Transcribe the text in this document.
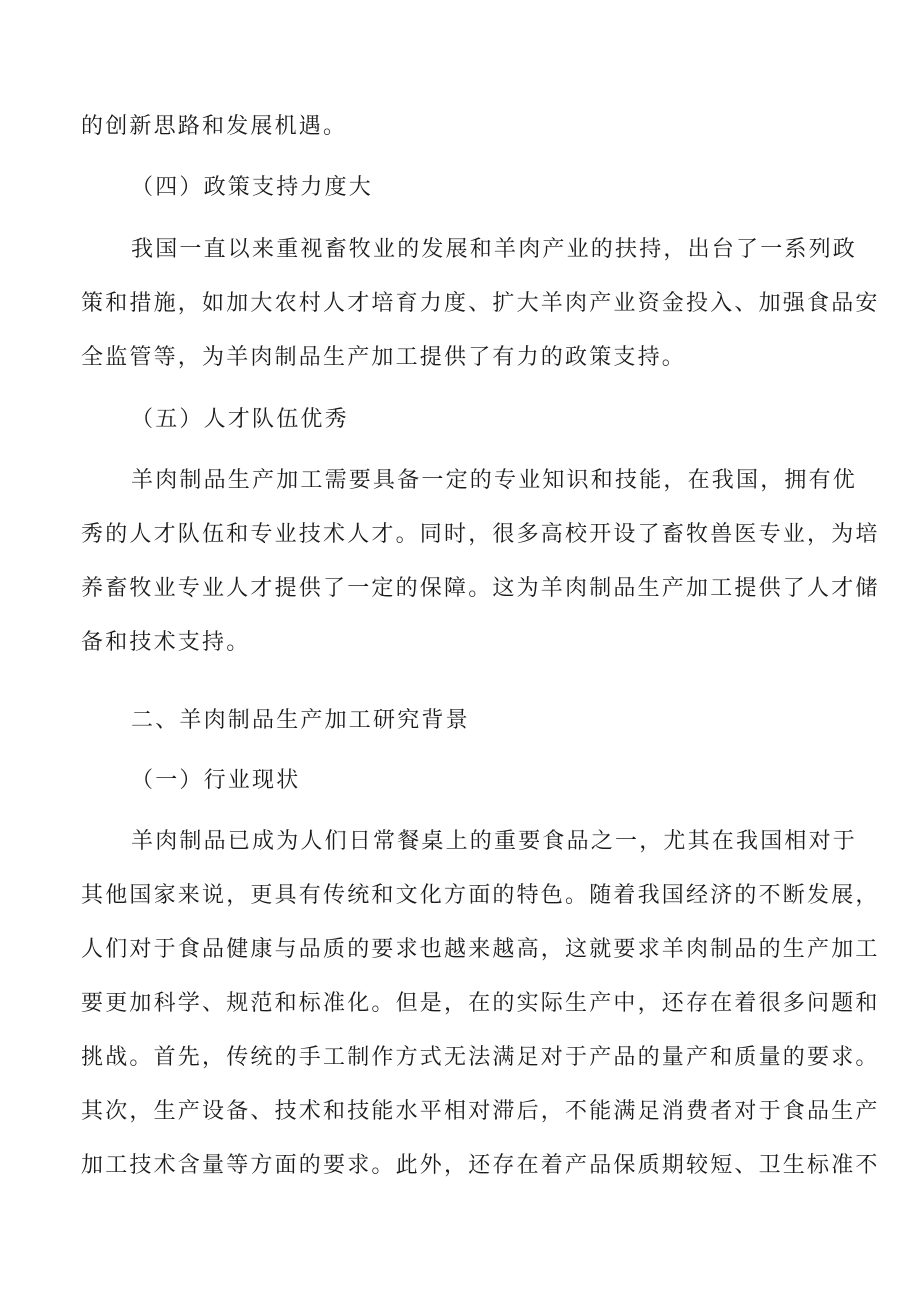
的创新思路和发展机遇。
（四）政策支持力度大
我国一直以来重视畜牧业的发展和羊肉产业的扶持，出台了一系列政
策和措施，如加大农村人才培育力度、扩大羊肉产业资金投入、加强食品安
全监管等，为羊肉制品生产加工提供了有力的政策支持。
（五）人才队伍优秀
羊肉制品生产加工需要具备一定的专业知识和技能，在我国，拥有优
秀的人才队伍和专业技术人才。同时，很多高校开设了畜牧兽医专业，为培
养畜牧业专业人才提供了一定的保障。这为羊肉制品生产加工提供了人才储
备和技术支持。
二、羊肉制品生产加工研究背景
（一）行业现状
羊肉制品已成为人们日常餐桌上的重要食品之一，尤其在我国相对于
其他国家来说，更具有传统和文化方面的特色。随着我国经济的不断发展，
人们对于食品健康与品质的要求也越来越高，这就要求羊肉制品的生产加工
要更加科学、规范和标准化。但是，在的实际生产中，还存在着很多问题和
挑战。首先，传统的手工制作方式无法满足对于产品的量产和质量的要求。
其次，生产设备、技术和技能水平相对滞后，不能满足消费者对于食品生产
加工技术含量等方面的要求。此外，还存在着产品保质期较短、卫生标准不
